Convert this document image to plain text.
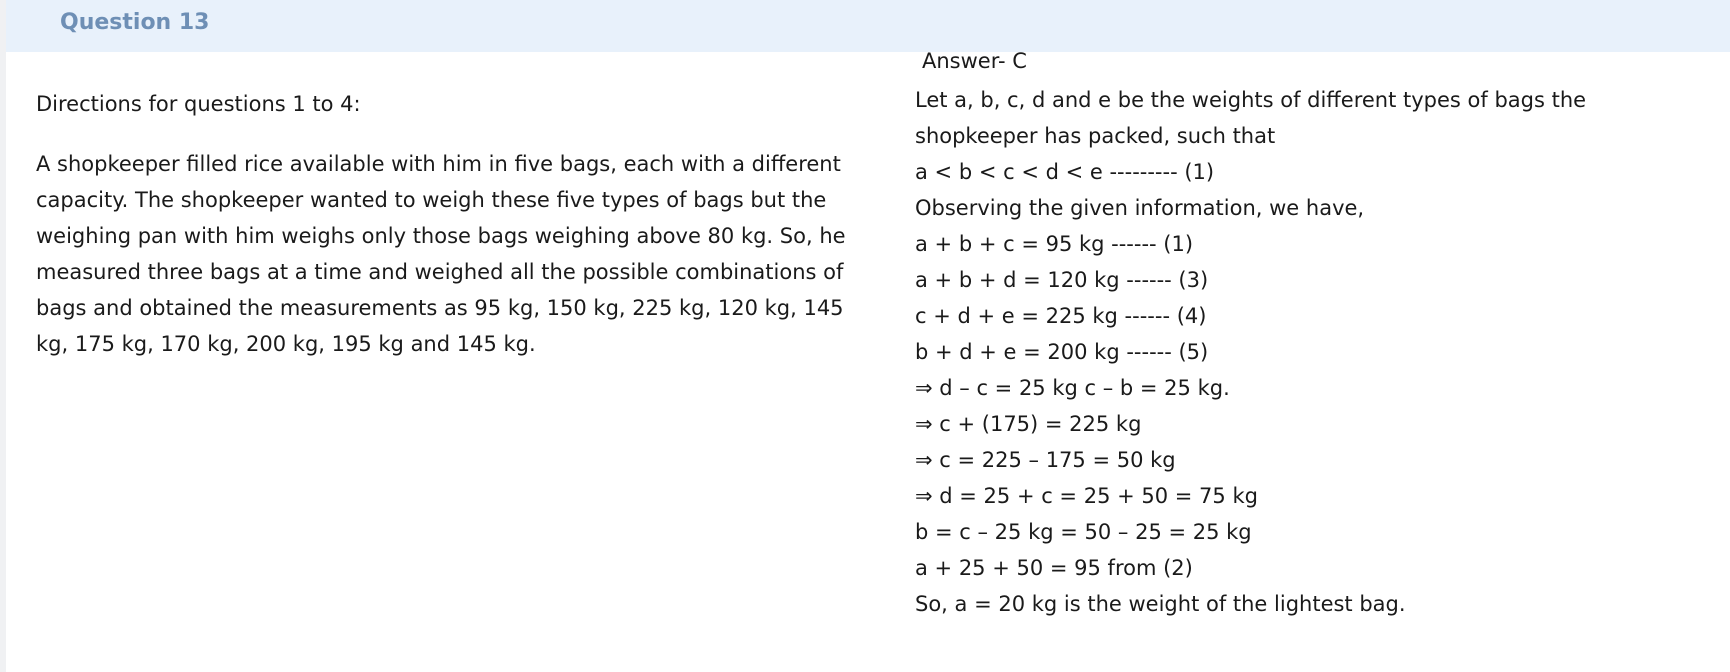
Question 13

Directions for questions 1 to 4:

A shopkeeper filled rice available with him in five bags, each with a different capacity. The shopkeeper wanted to weigh these five types of bags but the weighing pan with him weighs only those bags weighing above 80 kg. So, he measured three bags at a time and weighed all the possible combinations of bags and obtained the measurements as 95 kg, 150 kg, 225 kg, 120 kg, 145 kg, 175 kg, 170 kg, 200 kg, 195 kg and 145 kg.

Answer- C

Let a, b, c, d and e be the weights of different types of bags the shopkeeper has packed, such that

a < b < c < d < e --------- (1)

Observing the given information, we have,

a + b + c = 95 kg ------ (1)

a + b + d = 120 kg ------ (3)

c + d + e = 225 kg ------ (4)

b + d + e = 200 kg ------ (5)

⇒ d – c = 25 kg c – b = 25 kg.

⇒ c + (175) = 225 kg

⇒ c = 225 – 175 = 50 kg

⇒ d = 25 + c = 25 + 50 = 75 kg

b = c – 25 kg = 50 – 25 = 25 kg

a + 25 + 50 = 95 from (2)

So, a = 20 kg is the weight of the lightest bag.
